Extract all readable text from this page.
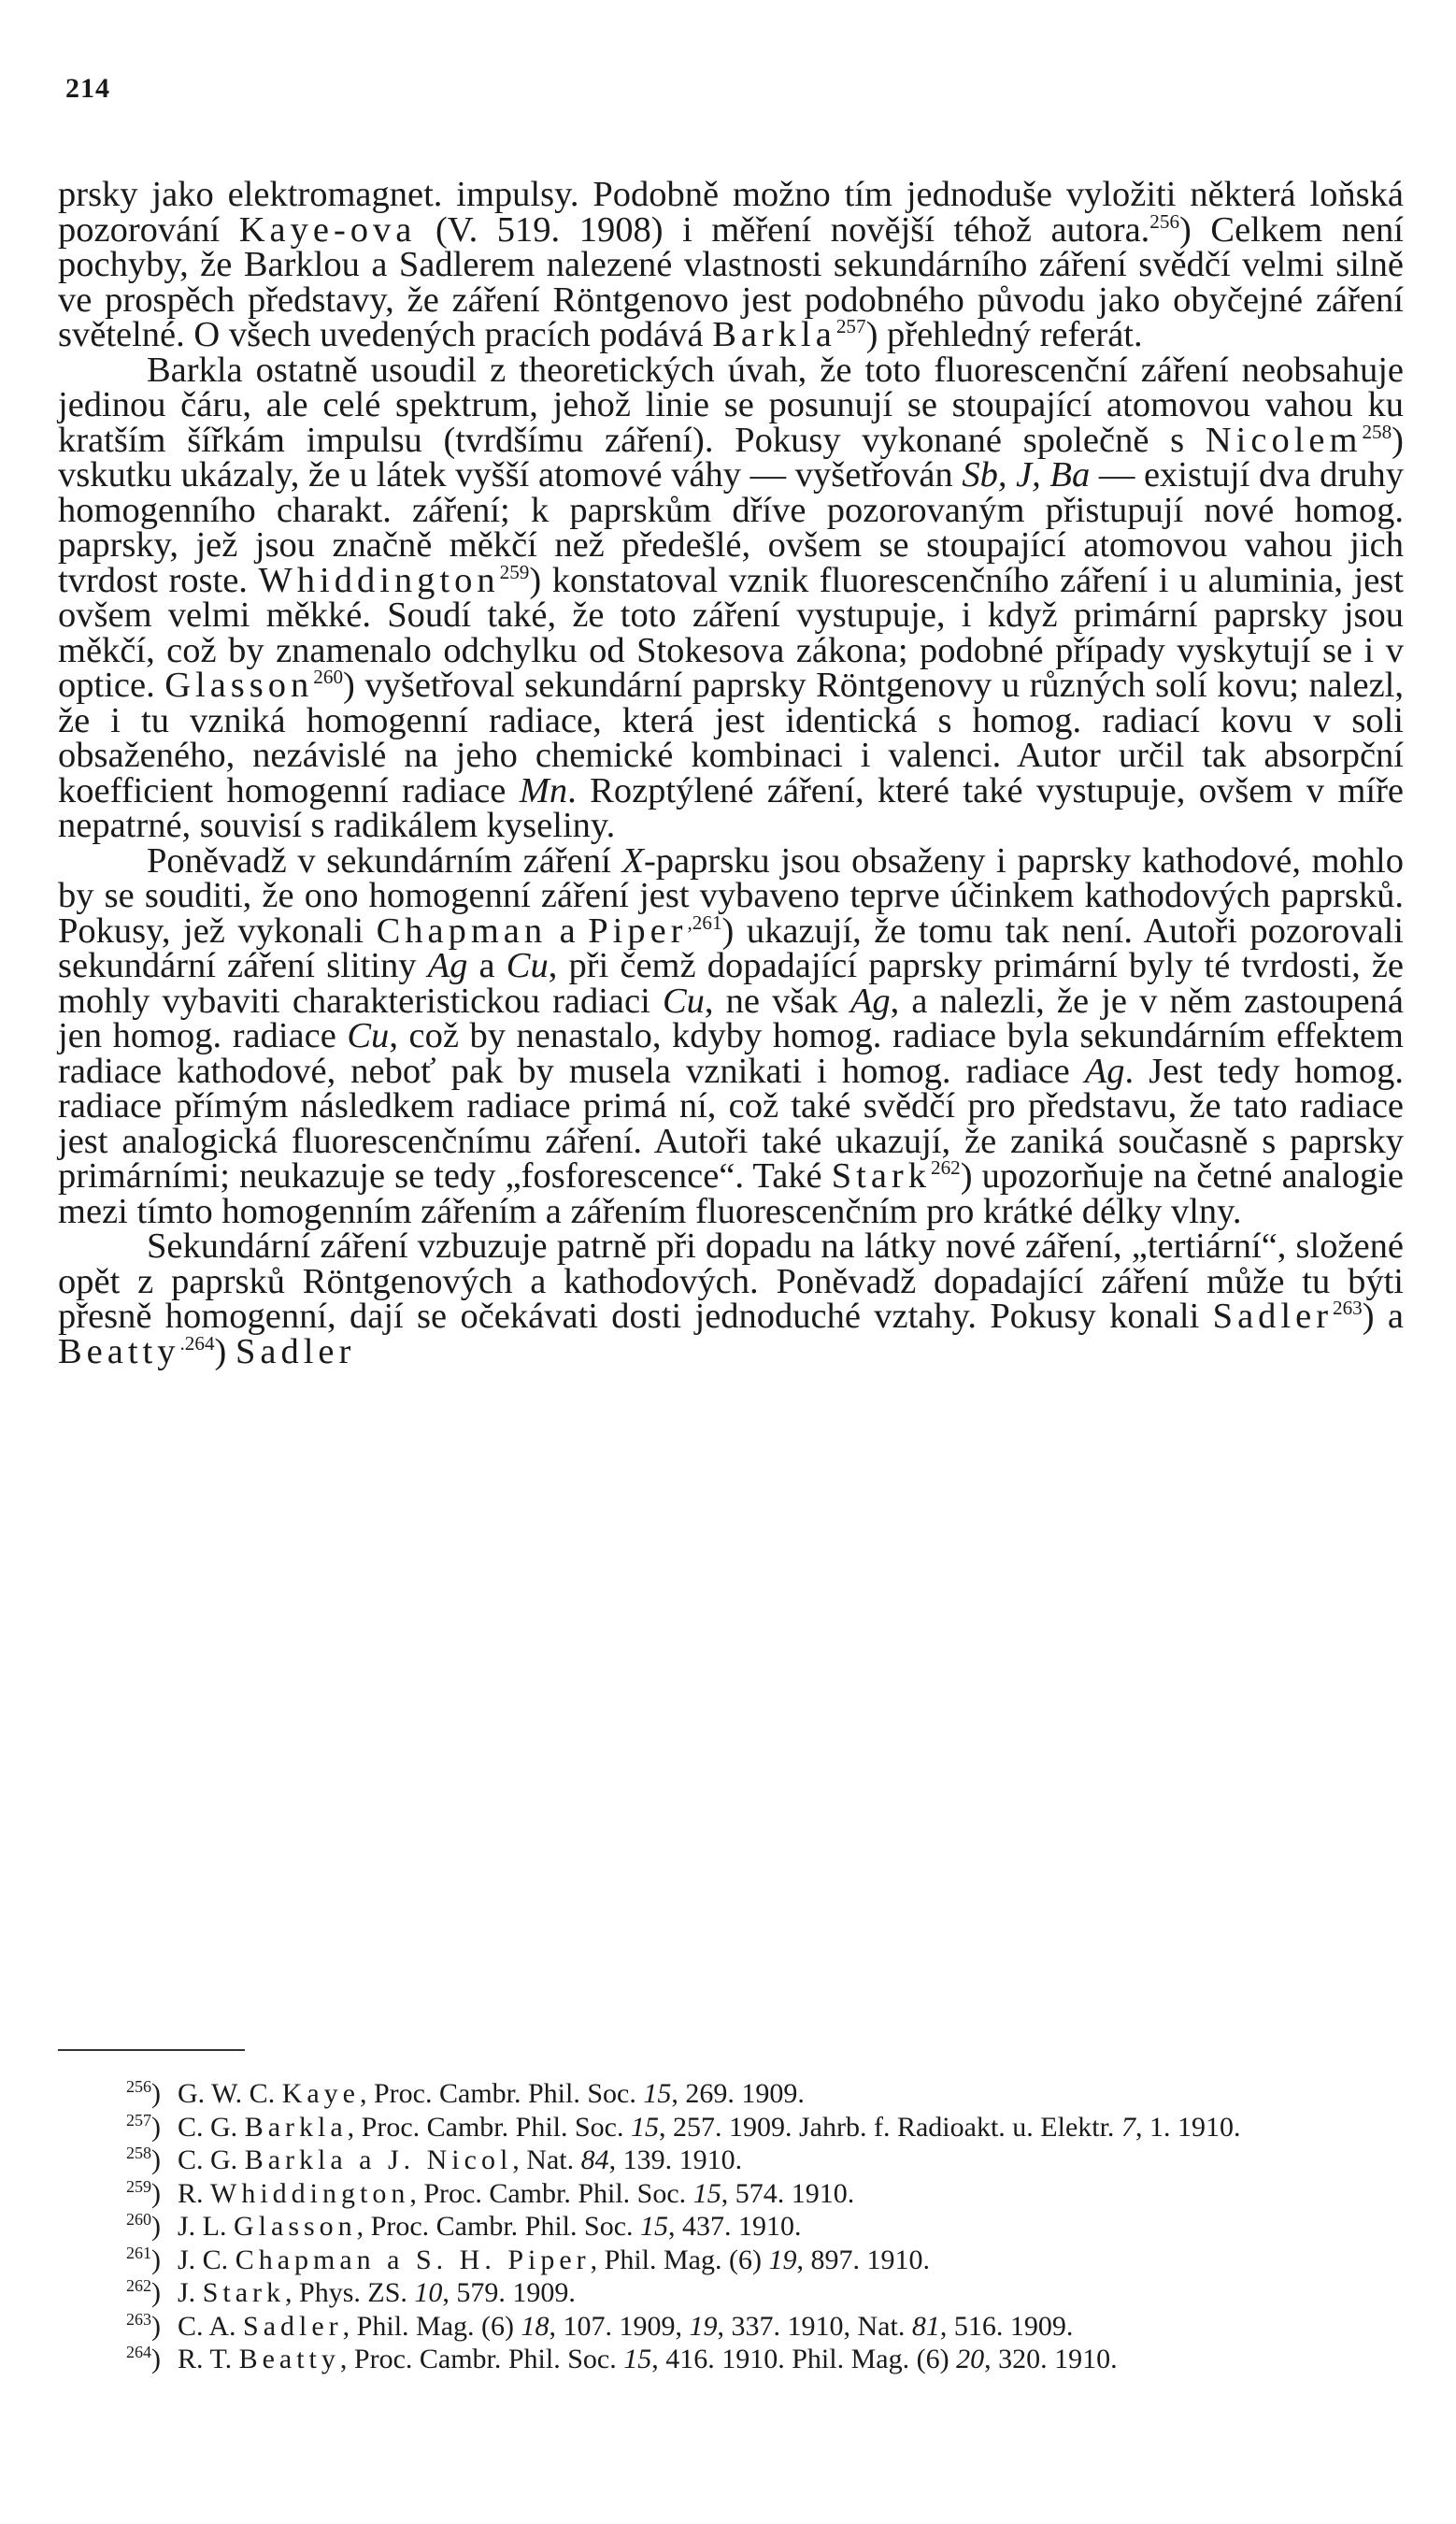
214

prsky jako elektromagnet. impulsy. Podobně možno tím jednoduše vyložiti některá loňská pozorování Kaye-ova (V. 519. 1908) i měření novější téhož autora.$^{256}$) Celkem není pochyby, že Barklou a Sadlerem nalezené vlastnosti sekundárního záření svědčí velmi silně ve prospěch představy, že záření Röntgenovo jest podobného původu jako obyčejné záření světelné. O všech uvedených pracích podává Barkla$^{257}$) přehledný referát.

Barkla ostatně usoudil z theoretických úvah, že toto fluorescenční záření neobsahuje jedinou čáru, ale celé spektrum, jehož linie se posunují se stoupající atomovou vahou ku kratším šířkám impulsu (tvrdšímu záření). Pokusy vykonané společně s Nicolem$^{258}$) vskutku ukázaly, že u látek vyšší atomové váhy — vyšetřován Sb, J, Ba — existují dva druhy homogenního charakt. záření; k paprskům dříve pozorovaným přistupují nové homog. paprsky, jež jsou značně měkčí než předešlé, ovšem se stoupající atomovou vahou jich tvrdost roste. Whiddington$^{259}$) konstatoval vznik fluorescenčního záření i u aluminia, jest ovšem velmi měkké. Soudí také, že toto záření vystupuje, i když primární paprsky jsou měkčí, což by znamenalo odchylku od Stokesova zákona; podobné případy vyskytují se i v optice. Glasson$^{260}$) vyšetřoval sekundární paprsky Röntgenovy u různých solí kovu; nalezl, že i tu vzniká homogenní radiace, která jest identická s homog. radiací kovu v soli obsaženého, nezávislé na jeho chemické kombinaci i valenci. Autor určil tak absorpční koefficient homogenní radiace Mn. Rozptýlené záření, které také vystupuje, ovšem v míře nepatrné, souvisí s radikálem kyseliny.

Poněvadž v sekundárním záření X-paprsku jsou obsaženy i paprsky kathodové, mohlo by se souditi, že ono homogenní záření jest vybaveno teprve účinkem kathodových paprsků. Pokusy, jež vykonali Chapman a Piper$^{,261}$) ukazují, že tomu tak není. Autoři pozorovali sekundární záření slitiny Ag a Cu, při čemž dopadající paprsky primární byly té tvrdosti, že mohly vybaviti charakteristickou radiaci Cu, ne však Ag, a nalezli, že je v něm zastoupená jen homog. radiace Cu, což by nenastalo, kdyby homog. radiace byla sekundárním effektem radiace kathodové, neboť pak by musela vznikati i homog. radiace Ag. Jest tedy homog. radiace přímým následkem radiace primá ní, což také svědčí pro představu, že tato radiace jest analogická fluorescenčnímu záření. Autoři také ukazují, že zaniká současně s paprsky primárními; neukazuje se tedy „fosforescence“. Také Stark$^{262}$) upozorňuje na četné analogie mezi tímto homogenním zářením a zářením fluorescenčním pro krátké délky vlny.

Sekundární záření vzbuzuje patrně při dopadu na látky nové záření, „tertiární“, složené opět z paprsků Röntgenových a kathodových. Poněvadž dopadající záření může tu býti přesně homogenní, dají se očekávati dosti jednoduché vztahy. Pokusy konali Sadler$^{263}$) a Beatty$^{.264}$) Sadler

$^{256}$) G. W. C. Kaye, Proc. Cambr. Phil. Soc. 15, 269. 1909.

$^{257}$) C. G. Barkla, Proc. Cambr. Phil. Soc. 15, 257. 1909. Jahrb. f. Radioakt. u. Elektr. 7, 1. 1910.

$^{258}$) C. G. Barkla a J. Nicol, Nat. 84, 139. 1910.

$^{259}$) R. Whiddington, Proc. Cambr. Phil. Soc. 15, 574. 1910.

$^{260}$) J. L. Glasson, Proc. Cambr. Phil. Soc. 15, 437. 1910.

$^{261}$) J. C. Chapman a S. H. Piper, Phil. Mag. (6) 19, 897. 1910.

$^{262}$) J. Stark, Phys. ZS. 10, 579. 1909.

$^{263}$) C. A. Sadler, Phil. Mag. (6) 18, 107. 1909, 19, 337. 1910, Nat. 81, 516. 1909.

$^{264}$) R. T. Beatty, Proc. Cambr. Phil. Soc. 15, 416. 1910. Phil. Mag. (6) 20, 320. 1910.
